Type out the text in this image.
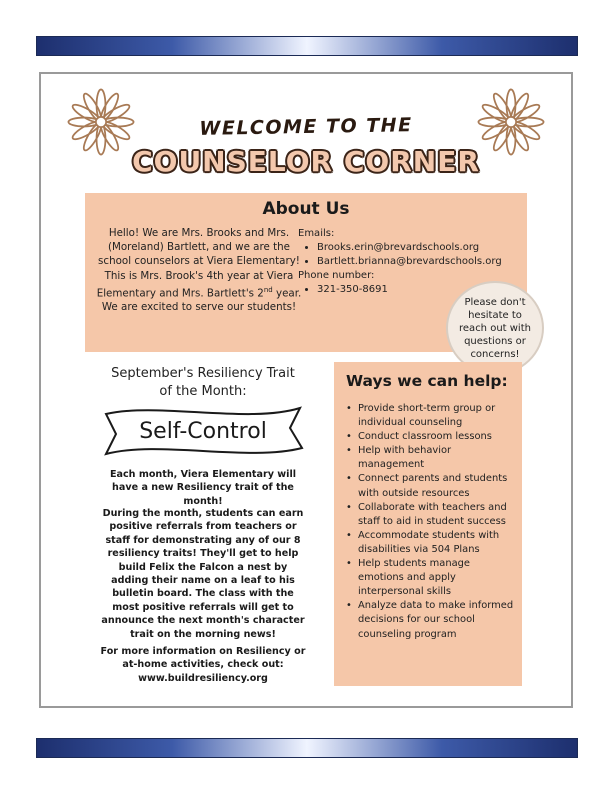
WELCOME TO THE
COUNSELOR CORNER
About Us
Hello! We are Mrs. Brooks and Mrs. (Moreland) Bartlett, and we are the school counselors at Viera Elementary! This is Mrs. Brook's 4th year at Viera Elementary and Mrs. Bartlett's 2nd year. We are excited to serve our students!
Emails:
• Brooks.erin@brevardschools.org
• Bartlett.brianna@brevardschools.org
Phone number:
• 321-350-8691
Please don't hesitate to reach out with questions or concerns!
September's Resiliency Trait of the Month:
Self-Control

Each month, Viera Elementary will have a new Resiliency trait of the month!

During the month, students can earn positive referrals from teachers or staff for demonstrating any of our 8 resiliency traits! They'll get to help build Felix the Falcon a nest by adding their name on a leaf to his bulletin board. The class with the most positive referrals will get to announce the next month's character trait on the morning news!

For more information on Resiliency or at-home activities, check out: www.buildresiliency.org

Ways we can help:
• Provide short-term group or individual counseling
• Conduct classroom lessons
• Help with behavior management
• Connect parents and students with outside resources
• Collaborate with teachers and staff to aid in student success
• Accommodate students with disabilities via 504 Plans
• Help students manage emotions and apply interpersonal skills
• Analyze data to make informed decisions for our school counseling program
